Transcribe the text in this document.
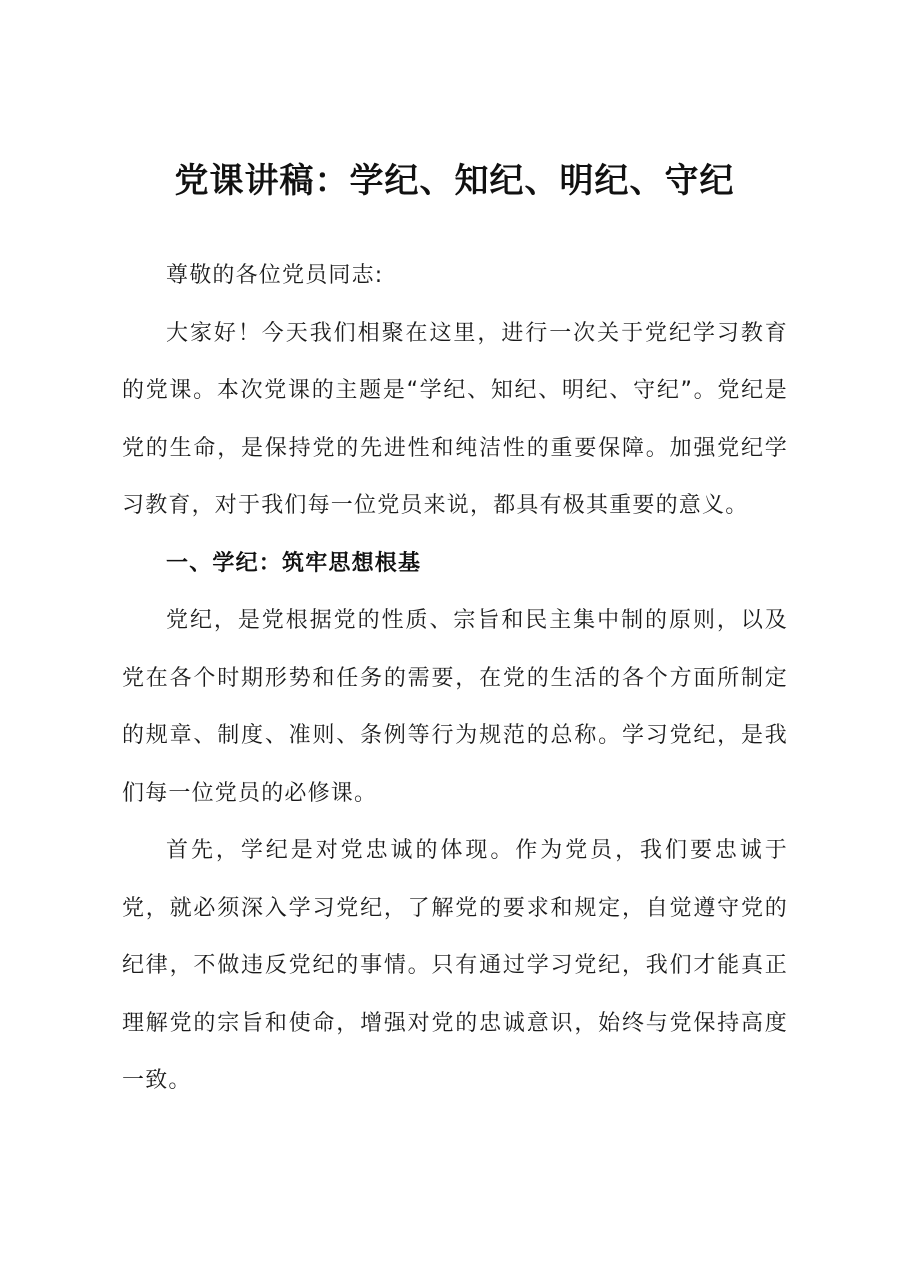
党课讲稿：学纪、知纪、明纪、守纪

尊敬的各位党员同志:

大家好！今天我们相聚在这里，进行一次关于党纪学习教育的党课。本次党课的主题是“学纪、知纪、明纪、守纪”。党纪是党的生命，是保持党的先进性和纯洁性的重要保障。加强党纪学习教育，对于我们每一位党员来说，都具有极其重要的意义。

一、学纪：筑牢思想根基

党纪，是党根据党的性质、宗旨和民主集中制的原则，以及党在各个时期形势和任务的需要，在党的生活的各个方面所制定的规章、制度、准则、条例等行为规范的总称。学习党纪，是我们每一位党员的必修课。

首先，学纪是对党忠诚的体现。作为党员，我们要忠诚于党，就必须深入学习党纪，了解党的要求和规定，自觉遵守党的纪律，不做违反党纪的事情。只有通过学习党纪，我们才能真正理解党的宗旨和使命，增强对党的忠诚意识，始终与党保持高度一致。
